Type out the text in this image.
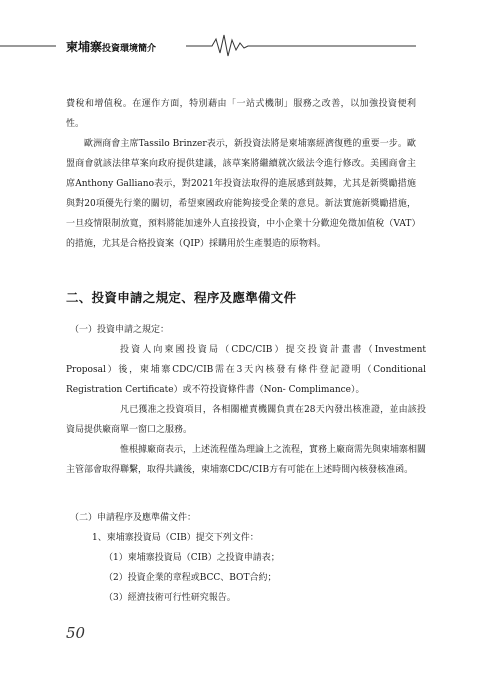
柬埔寨投資環境簡介

費稅和增值稅。在運作方面，特別藉由「一站式機制」服務之改善，以加強投資便利性。

歐洲商會主席Tassilo Brinzer表示，新投資法將是柬埔寨經濟復甦的重要一步。歐盟商會就該法律草案向政府提供建議，該草案將繼續就次級法令進行修改。美國商會主席Anthony Galliano表示，對2021年投資法取得的進展感到鼓舞，尤其是新獎勵措施與對20項優先行業的關切，希望柬國政府能夠接受企業的意見。新法實施新獎勵措施，一旦疫情限制放寬，預料將能加速外人直接投資，中小企業十分歡迎免徵加值稅（VAT）的措施，尤其是合格投資案（QIP）採購用於生產製造的原物料。

二、投資申請之規定、程序及應準備文件
（一）投資申請之規定：

投資人向柬國投資局（CDC/CIB）提交投資計畫書（Investment Proposal）後，柬埔寨CDC/CIB需在3天內核發有條件登記證明（Conditional Registration Certificate）或不符投資條件書（Non- Complimance）。

凡已獲准之投資項目，各相關權責機關負責在28天內發出核准證，並由該投資局提供廠商單一窗口之服務。

惟根據廠商表示，上述流程僅為理論上之流程，實務上廠商需先與柬埔寨相關主管部會取得聯繫，取得共識後，柬埔寨CDC/CIB方有可能在上述時間內核發核准函。

（二）申請程序及應準備文件：
1、柬埔寨投資局（CIB）提交下列文件：
（1）柬埔寨投資局（CIB）之投資申請表；
（2）投資企業的章程或BCC、BOT合約；
（3）經濟技術可行性研究報告。
50
